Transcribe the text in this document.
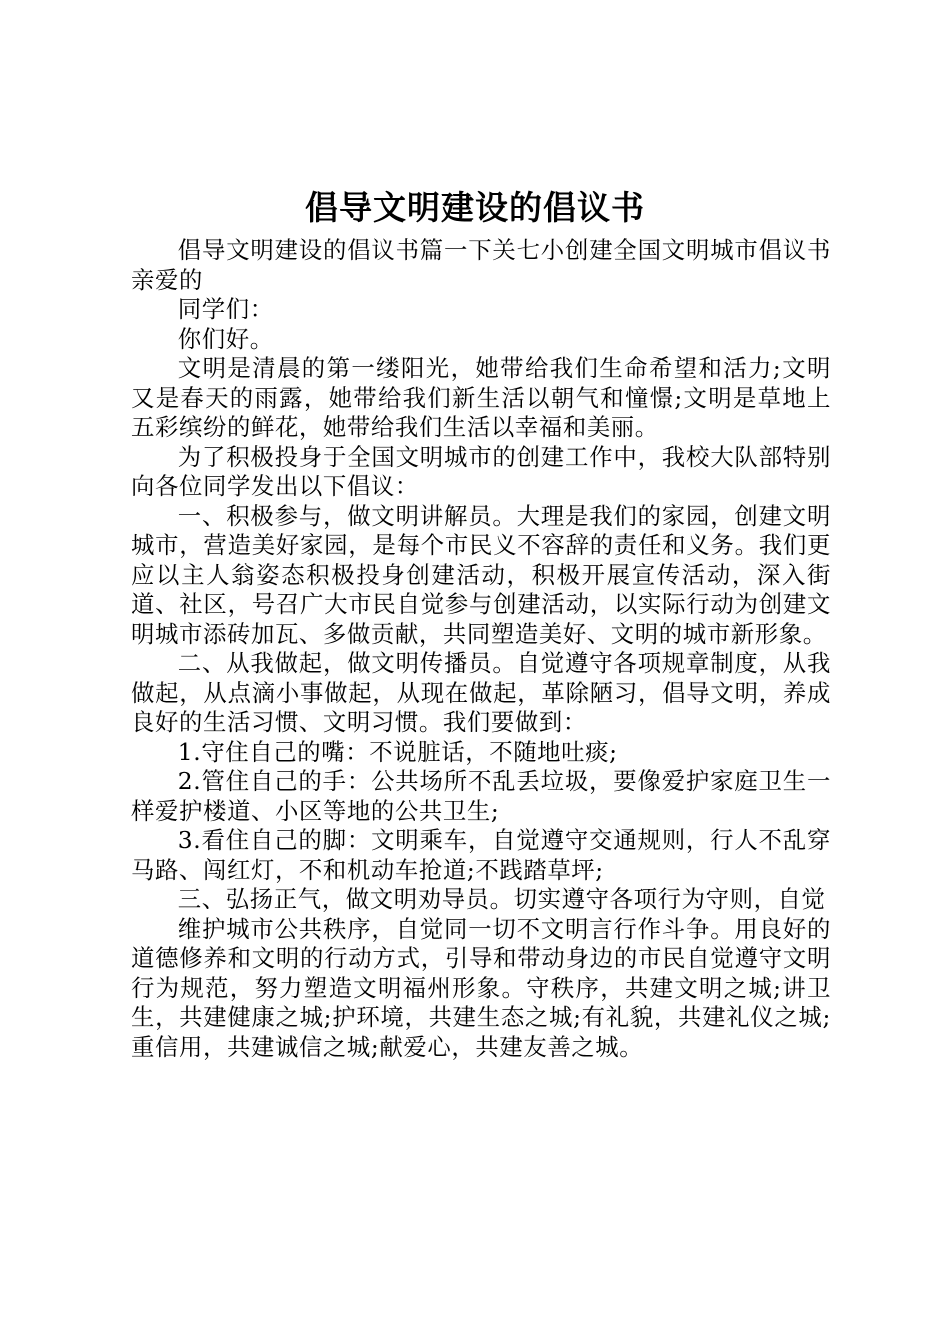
倡导文明建设的倡议书

倡导文明建设的倡议书篇一下关七小创建全国文明城市倡议书亲爱的

同学们：

你们好。

文明是清晨的第一缕阳光，她带给我们生命希望和活力;文明又是春天的雨露，她带给我们新生活以朝气和憧憬;文明是草地上五彩缤纷的鲜花，她带给我们生活以幸福和美丽。

为了积极投身于全国文明城市的创建工作中，我校大队部特别向各位同学发出以下倡议：

一、积极参与，做文明讲解员。大理是我们的家园，创建文明城市，营造美好家园，是每个市民义不容辞的责任和义务。我们更应以主人翁姿态积极投身创建活动，积极开展宣传活动，深入街道、社区，号召广大市民自觉参与创建活动，以实际行动为创建文明城市添砖加瓦、多做贡献，共同塑造美好、文明的城市新形象。

二、从我做起，做文明传播员。自觉遵守各项规章制度，从我做起，从点滴小事做起，从现在做起，革除陋习，倡导文明，养成良好的生活习惯、文明习惯。我们要做到：

1.守住自己的嘴：不说脏话，不随地吐痰;

2.管住自己的手：公共场所不乱丢垃圾，要像爱护家庭卫生一样爱护楼道、小区等地的公共卫生;

3.看住自己的脚：文明乘车，自觉遵守交通规则，行人不乱穿马路、闯红灯，不和机动车抢道;不践踏草坪;

三、弘扬正气，做文明劝导员。切实遵守各项行为守则，自觉

维护城市公共秩序，自觉同一切不文明言行作斗争。用良好的道德修养和文明的行动方式，引导和带动身边的市民自觉遵守文明行为规范，努力塑造文明福州形象。守秩序，共建文明之城;讲卫生，共建健康之城;护环境，共建生态之城;有礼貌，共建礼仪之城;重信用，共建诚信之城;献爱心，共建友善之城。
